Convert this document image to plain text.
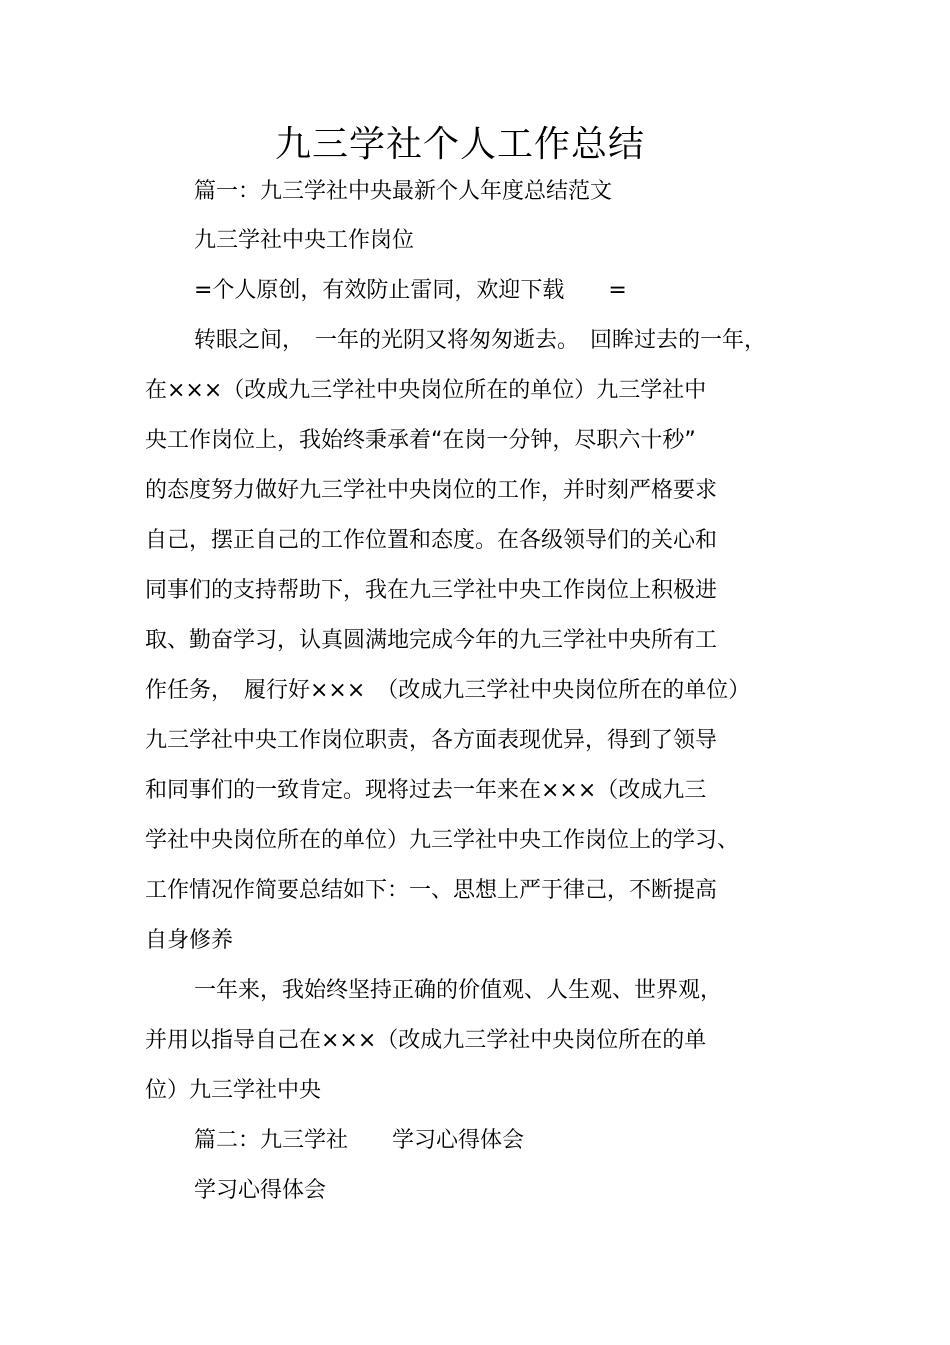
九三学社个人工作总结
篇一：九三学社中央最新个人年度总结范文
九三学社中央工作岗位
=个人原创，有效防止雷同，欢迎下载　　=
转眼之间，　一年的光阴又将匆匆逝去。　回眸过去的一年，
在×××（改成九三学社中央岗位所在的单位）九三学社中
央工作岗位上，我始终秉承着“在岗一分钟，尽职六十秒”
的态度努力做好九三学社中央岗位的工作，并时刻严格要求
自己，摆正自己的工作位置和态度。在各级领导们的关心和
同事们的支持帮助下，我在九三学社中央工作岗位上积极进
取、勤奋学习，认真圆满地完成今年的九三学社中央所有工
作任务，　履行好×××　（改成九三学社中央岗位所在的单位）
九三学社中央工作岗位职责，各方面表现优异，得到了领导
和同事们的一致肯定。现将过去一年来在×××（改成九三
学社中央岗位所在的单位）九三学社中央工作岗位上的学习、
工作情况作简要总结如下：一、思想上严于律己，不断提高
自身修养
一年来，我始终坚持正确的价值观、人生观、世界观，
并用以指导自己在×××（改成九三学社中央岗位所在的单
位）九三学社中央
篇二：九三学社　　学习心得体会
学习心得体会
